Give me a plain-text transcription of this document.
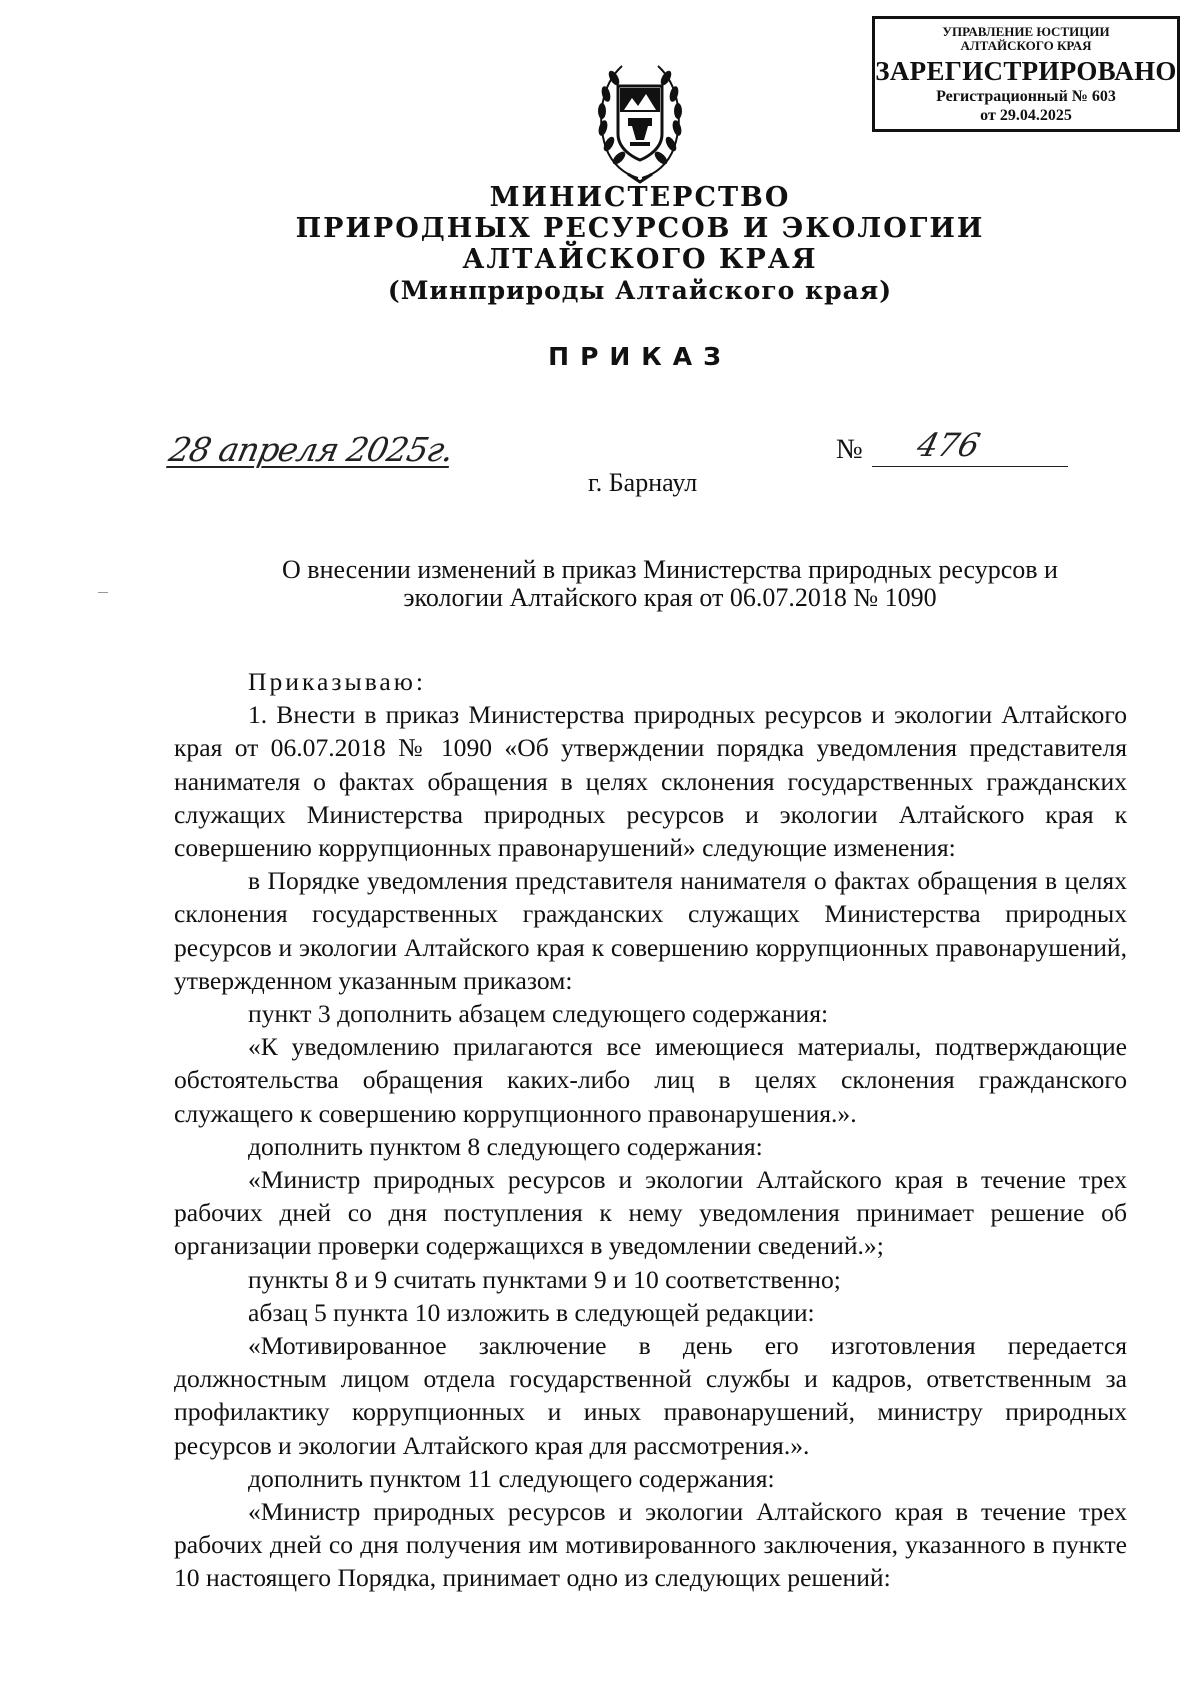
УПРАВЛЕНИЕ ЮСТИЦИИ
АЛТАЙСКОГО КРАЯ
ЗАРЕГИСТРИРОВАНО
Регистрационный № 603
от 29.04.2025
МИНИСТЕРСТВО
ПРИРОДНЫХ РЕСУРСОВ И ЭКОЛОГИИ
АЛТАЙСКОГО КРАЯ
(Минприроды Алтайского края)
ПРИКАЗ
28 апреля 2025г.	№ 476
г. Барнаул
О внесении изменений в приказ Министерства природных ресурсов и
экологии Алтайского края от 06.07.2018 № 1090

Приказываю:

1. Внести в приказ Министерства природных ресурсов и экологии Алтайского края от 06.07.2018 № 1090 «Об утверждении порядка уведомления представителя нанимателя о фактах обращения в целях склонения государственных гражданских служащих Министерства природных ресурсов и экологии Алтайского края к совершению коррупционных правонарушений» следующие изменения:

в Порядке уведомления представителя нанимателя о фактах обращения в целях склонения государственных гражданских служащих Министерства природных ресурсов и экологии Алтайского края к совершению коррупционных правонарушений, утвержденном указанным приказом:

пункт 3 дополнить абзацем следующего содержания:

«К уведомлению прилагаются все имеющиеся материалы, подтверждающие обстоятельства обращения каких-либо лиц в целях склонения гражданского служащего к совершению коррупционного правонарушения.».

дополнить пунктом 8 следующего содержания:

«Министр природных ресурсов и экологии Алтайского края в течение трех рабочих дней со дня поступления к нему уведомления принимает решение об организации проверки содержащихся в уведомлении сведений.»;

пункты 8 и 9 считать пунктами 9 и 10 соответственно;

абзац 5 пункта 10 изложить в следующей редакции:

«Мотивированное заключение в день его изготовления передается должностным лицом отдела государственной службы и кадров, ответственным за профилактику коррупционных и иных правонарушений, министру природных ресурсов и экологии Алтайского края для рассмотрения.».

дополнить пунктом 11 следующего содержания:

«Министр природных ресурсов и экологии Алтайского края в течение трех рабочих дней со дня получения им мотивированного заключения, указанного в пункте 10 настоящего Порядка, принимает одно из следующих решений:
